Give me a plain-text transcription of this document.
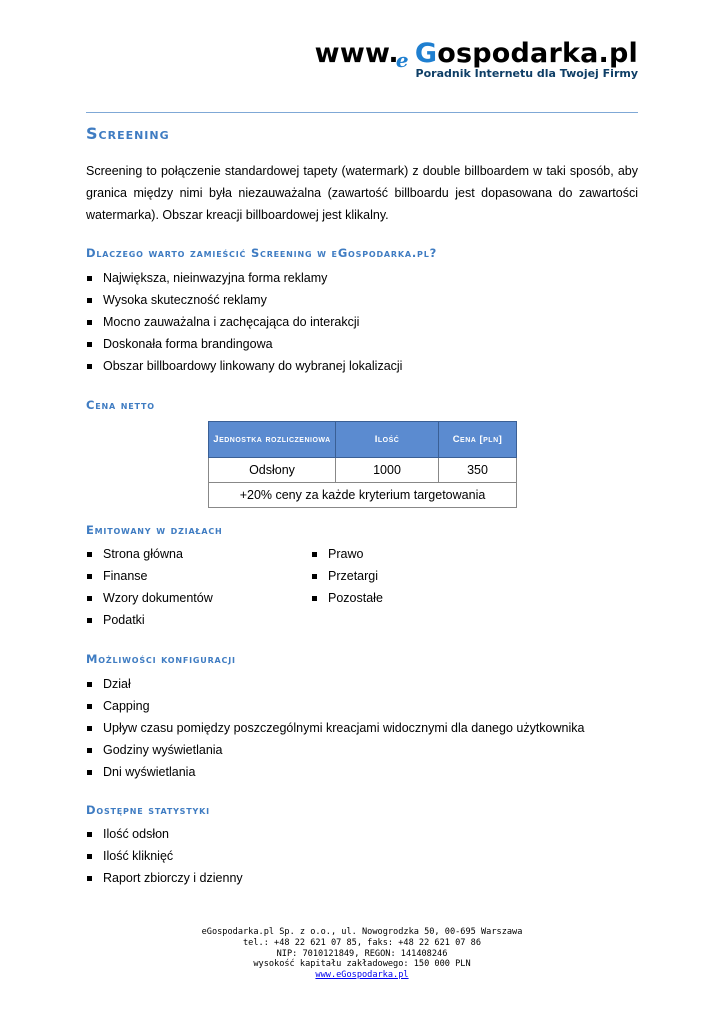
www.
e Gospodarka.pl
Poradnik Internetu dla Twojej Firmy
Screening

Screening to połączenie standardowej tapety (watermark) z double billboardem w taki sposób, aby granica między nimi była niezauważalna (zawartość billboardu jest dopasowana do zawartości watermarka). Obszar kreacji billboardowej jest klikalny.

Dlaczego warto zamieścić Screening w eGospodarka.pl?
Największa, nieinwazyjna forma reklamy
Wysoka skuteczność reklamy
Mocno zauważalna i zachęcająca do interakcji
Doskonała forma brandingowa
Obszar billboardowy linkowany do wybranej lokalizacji
Cena netto
Jednostka rozliczeniowa	Ilość	Cena [pln]
Odsłony	1000	350
+20% ceny za każde kryterium targetowania		
Emitowany w działach
Strona główna
Finanse
Wzory dokumentów
Podatki
Prawo
Przetargi
Pozostałe
Możliwości konfiguracji
Dział
Capping
Upływ czasu pomiędzy poszczególnymi kreacjami widocznymi dla danego użytkownika
Godziny wyświetlania
Dni wyświetlania
Dostępne statystyki
Ilość odsłon
Ilość kliknięć
Raport zbiorczy i dzienny
eGospodarka.pl Sp. z o.o., ul. Nowogrodzka 50, 00-695 Warszawa
tel.: +48 22 621 07 85, faks: +48 22 621 07 86
NIP: 7010121849, REGON: 141408246
wysokość kapitału zakładowego: 150 000 PLN
www.eGospodarka.pl
